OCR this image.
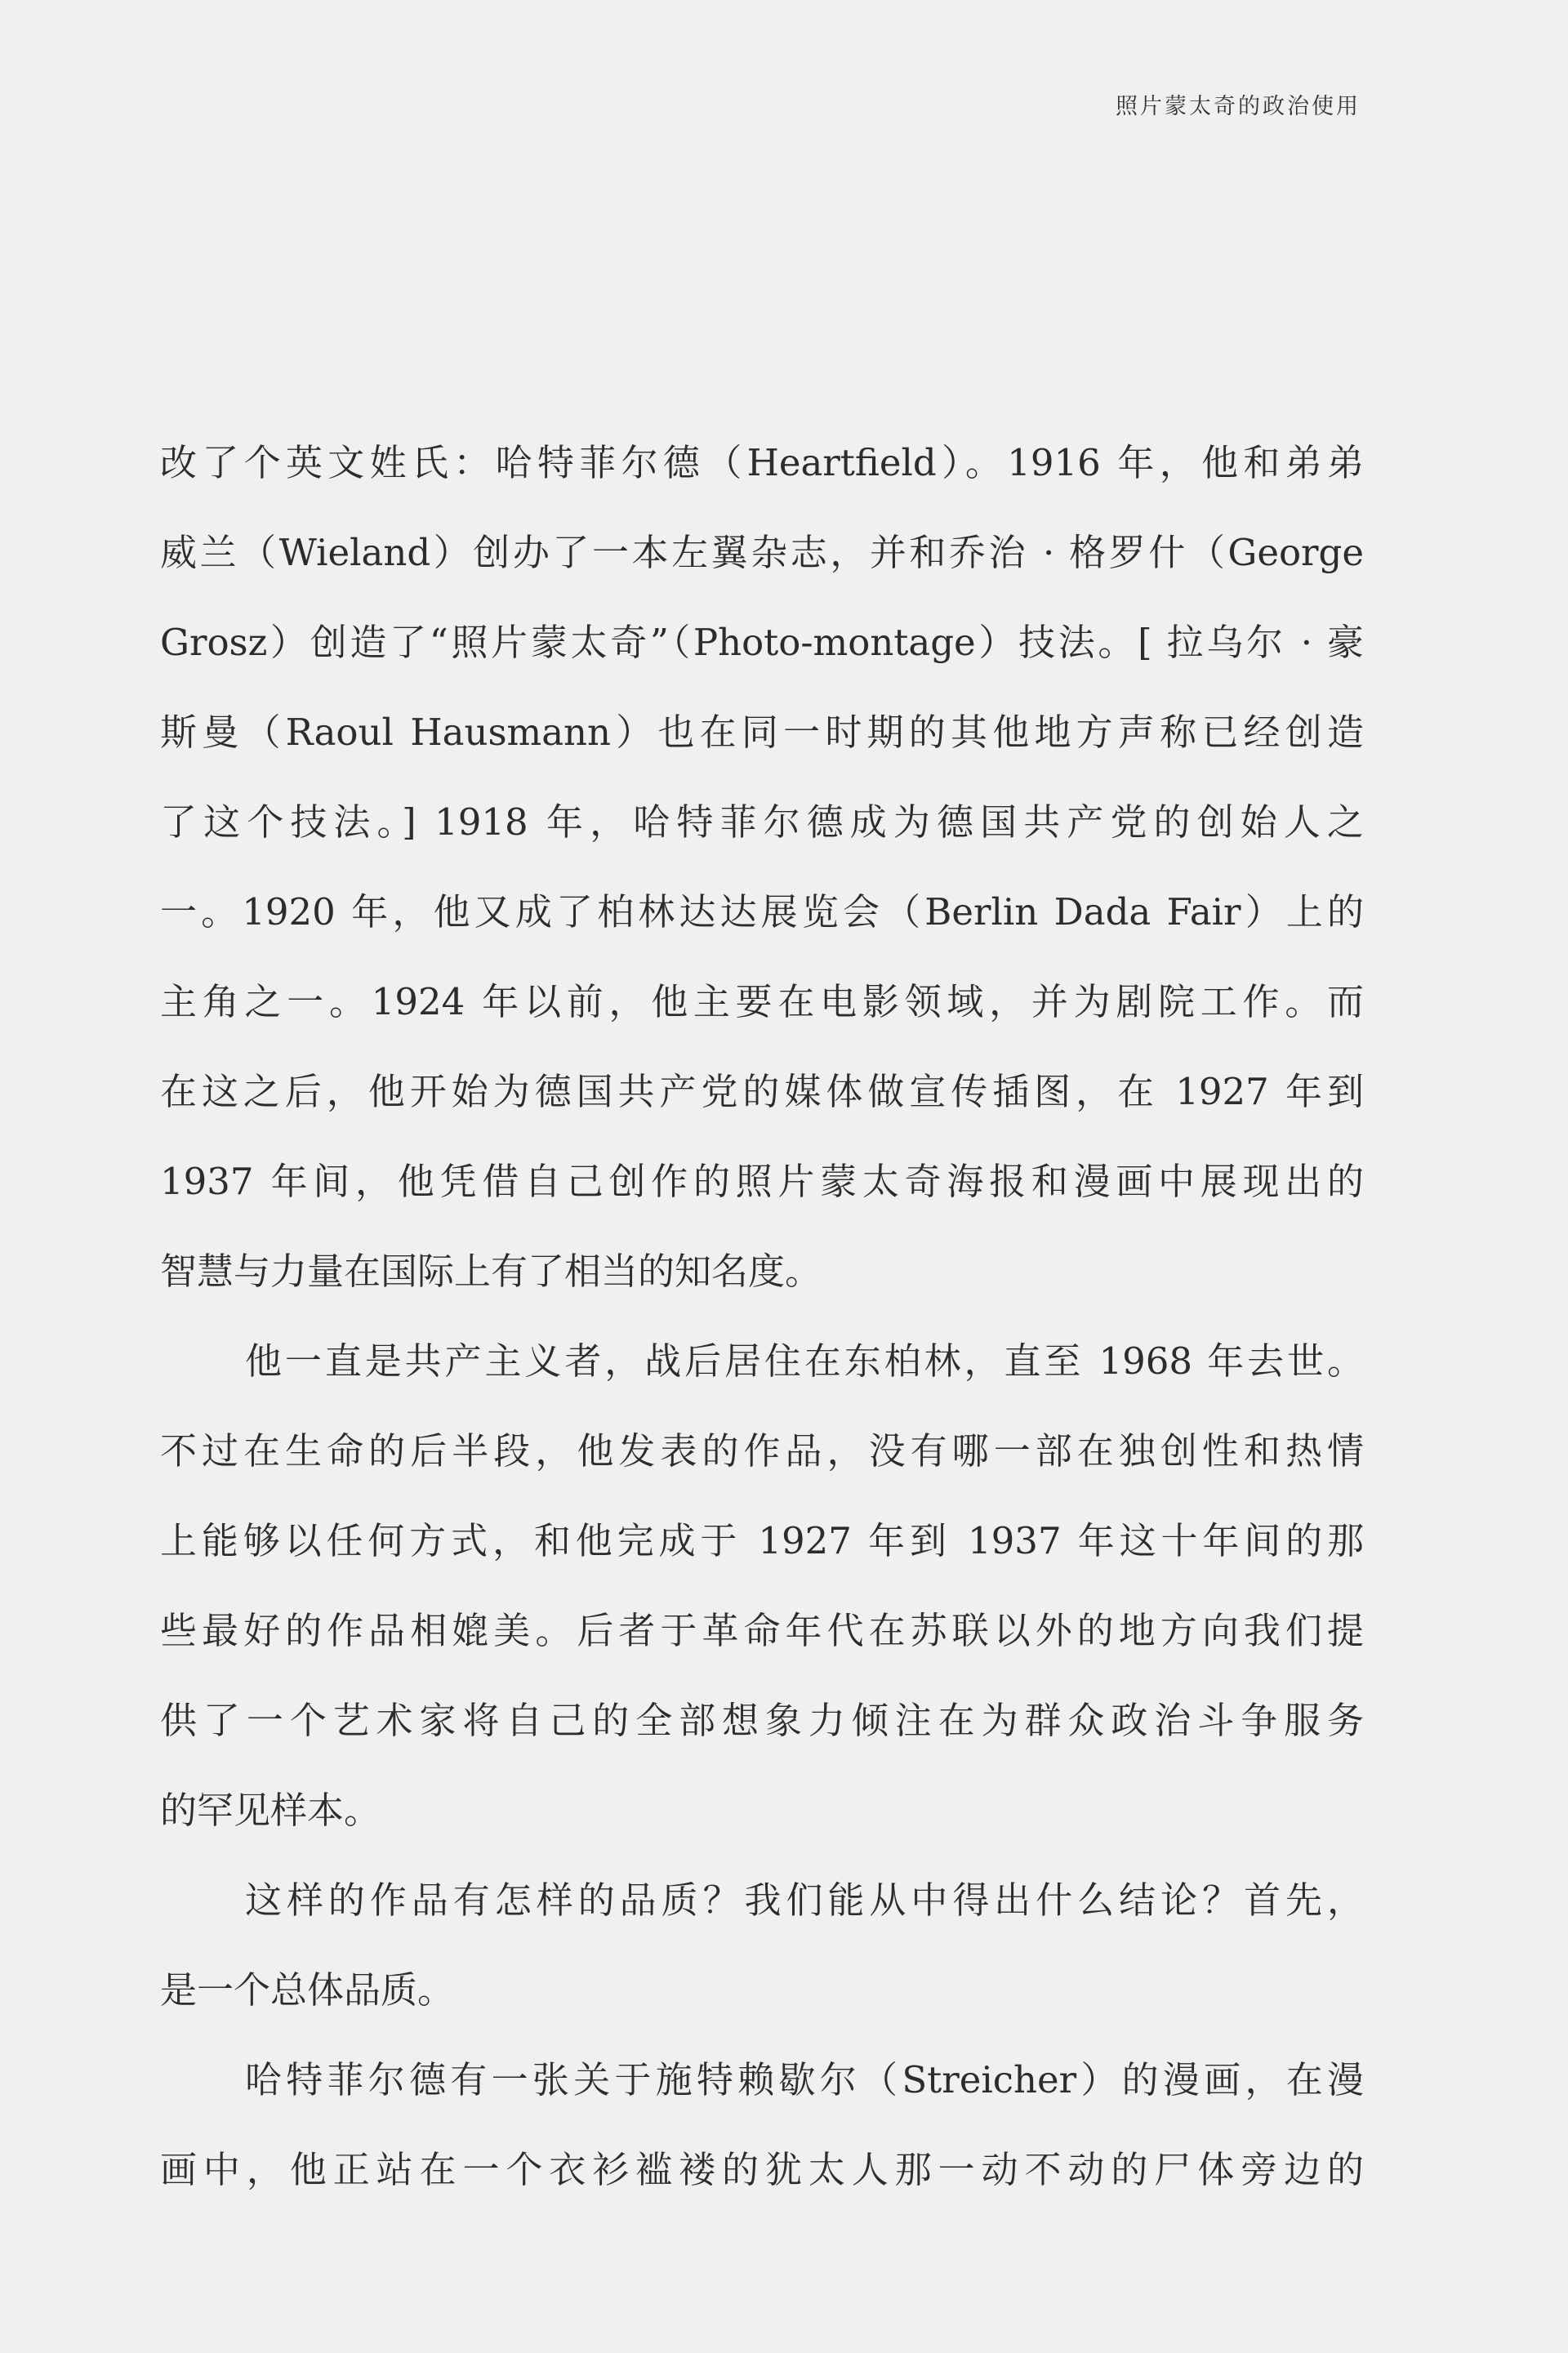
照片蒙太奇的政治使用
改了个英文姓氏：哈特菲尔德（Heartfield）。1916 年，他和弟弟
威兰（Wieland）创办了一本左翼杂志，并和乔治 · 格罗什（George
Grosz）创造了“照片蒙太奇”（Photo-montage）技法。[ 拉乌尔 · 豪
斯曼（Raoul Hausmann）也在同一时期的其他地方声称已经创造
了这个技法。] 1918 年，哈特菲尔德成为德国共产党的创始人之
一。1920 年，他又成了柏林达达展览会（Berlin Dada Fair）上的
主角之一。1924 年以前，他主要在电影领域，并为剧院工作。而
在这之后，他开始为德国共产党的媒体做宣传插图，在 1927 年到
1937 年间，他凭借自己创作的照片蒙太奇海报和漫画中展现出的
智慧与力量在国际上有了相当的知名度。
他一直是共产主义者，战后居住在东柏林，直至 1968 年去世。
不过在生命的后半段，他发表的作品，没有哪一部在独创性和热情
上能够以任何方式，和他完成于 1927 年到 1937 年这十年间的那
些最好的作品相媲美。后者于革命年代在苏联以外的地方向我们提
供了一个艺术家将自己的全部想象力倾注在为群众政治斗争服务
的罕见样本。
这样的作品有怎样的品质？我们能从中得出什么结论？首先，
是一个总体品质。
哈特菲尔德有一张关于施特赖歇尔（Streicher）的漫画，在漫
画中，他正站在一个衣衫褴褛的犹太人那一动不动的尸体旁边的
